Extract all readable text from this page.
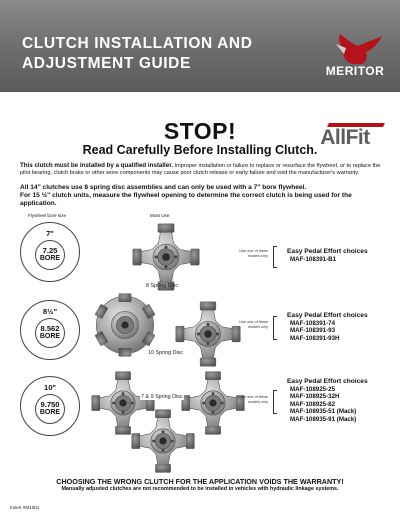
CLUTCH INSTALLATION AND
ADJUSTMENT GUIDE	MERITOR
STOP!
Read Carefully Before Installing Clutch.
AllFit
This clutch must be installed by a qualified installer. Improper installation or failure to replace or resurface the flywheel, or to replace the pilot bearing, clutch brake or other wore components may cause poor clutch release or early failure and void the manufacturer's warranty.
All 14" clutches use 8 spring disc assemblies and can only be used with a 7" bore flywheel.
For 15 ½" clutch units, measure the flywheel opening to determine the correct clutch is being used for the application.
Flywheel bore size	Most Use
7"
7.25
BORE
8 Spring Disc
Use one of these models only
Easy Pedal Effort choices
MAF-108391-B1
8½"
8.562
BORE
10 Spring Disc
Use one of these models only
Easy Pedal Effort choices
MAF-108391-74
MAF-108391-93
MAF-108391-93H
10"
9.750
BORE
7 & 9 Spring Disc	Use one of these models only
Easy Pedal Effort choices
MAF-108925-25
MAF-108925-32H
MAF-108925-82
MAF-108935-51 (Mack)
MAF-108935-91 (Mack)
CHOOSING THE WRONG CLUTCH FOR THE APPLICATION VOIDS THE WARRANTY!
Manually adjusted clutches are not recommended to be installed in vehicles with hydraulic linkage systems.
Insert #M1001
